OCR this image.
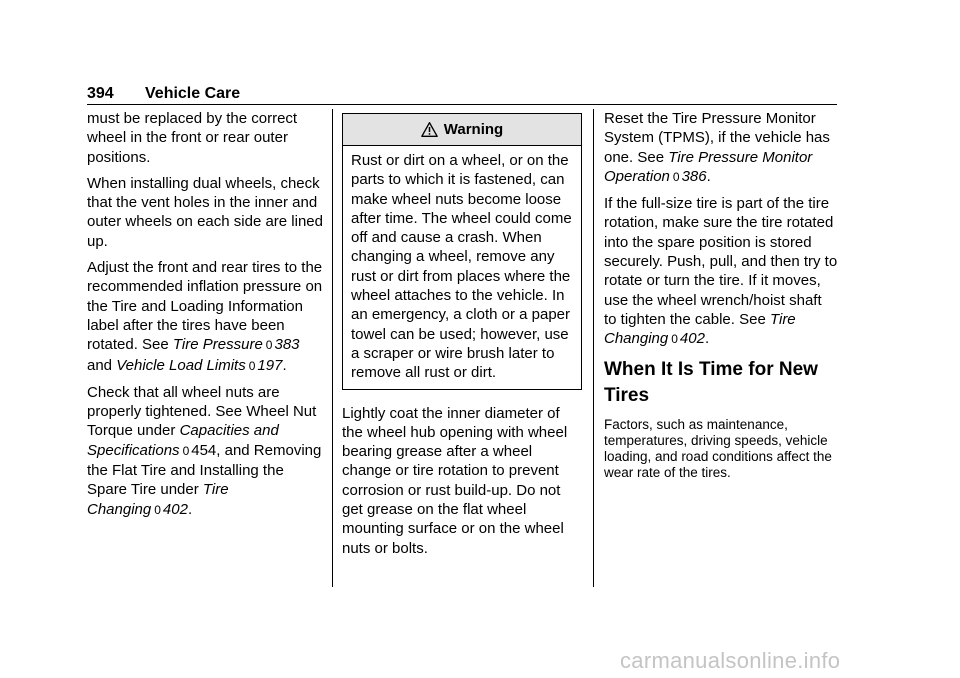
394 Vehicle Care

must be replaced by the correct wheel in the front or rear outer positions.

When installing dual wheels, check that the vent holes in the inner and outer wheels on each side are lined up.

Adjust the front and rear tires to the recommended inflation pressure on the Tire and Loading Information label after the tires have been rotated. See Tire Pressure 0 383 and Vehicle Load Limits 0 197.

Check that all wheel nuts are properly tightened. See Wheel Nut Torque under Capacities and Specifications 0 454, and Removing the Flat Tire and Installing the Spare Tire under Tire Changing 0 402.

Warning
Rust or dirt on a wheel, or on the parts to which it is fastened, can make wheel nuts become loose after time. The wheel could come off and cause a crash. When changing a wheel, remove any rust or dirt from places where the wheel attaches to the vehicle. In an emergency, a cloth or a paper towel can be used; however, use a scraper or wire brush later to remove all rust or dirt.

Lightly coat the inner diameter of the wheel hub opening with wheel bearing grease after a wheel change or tire rotation to prevent corrosion or rust build-up. Do not get grease on the flat wheel mounting surface or on the wheel nuts or bolts.

Reset the Tire Pressure Monitor System (TPMS), if the vehicle has one. See Tire Pressure Monitor Operation 0 386.

If the full-size tire is part of the tire rotation, make sure the tire rotated into the spare position is stored securely. Push, pull, and then try to rotate or turn the tire. If it moves, use the wheel wrench/hoist shaft to tighten the cable. See Tire Changing 0 402.

When It Is Time for New Tires

Factors, such as maintenance, temperatures, driving speeds, vehicle loading, and road conditions affect the wear rate of the tires.

carmanualsonline.info
